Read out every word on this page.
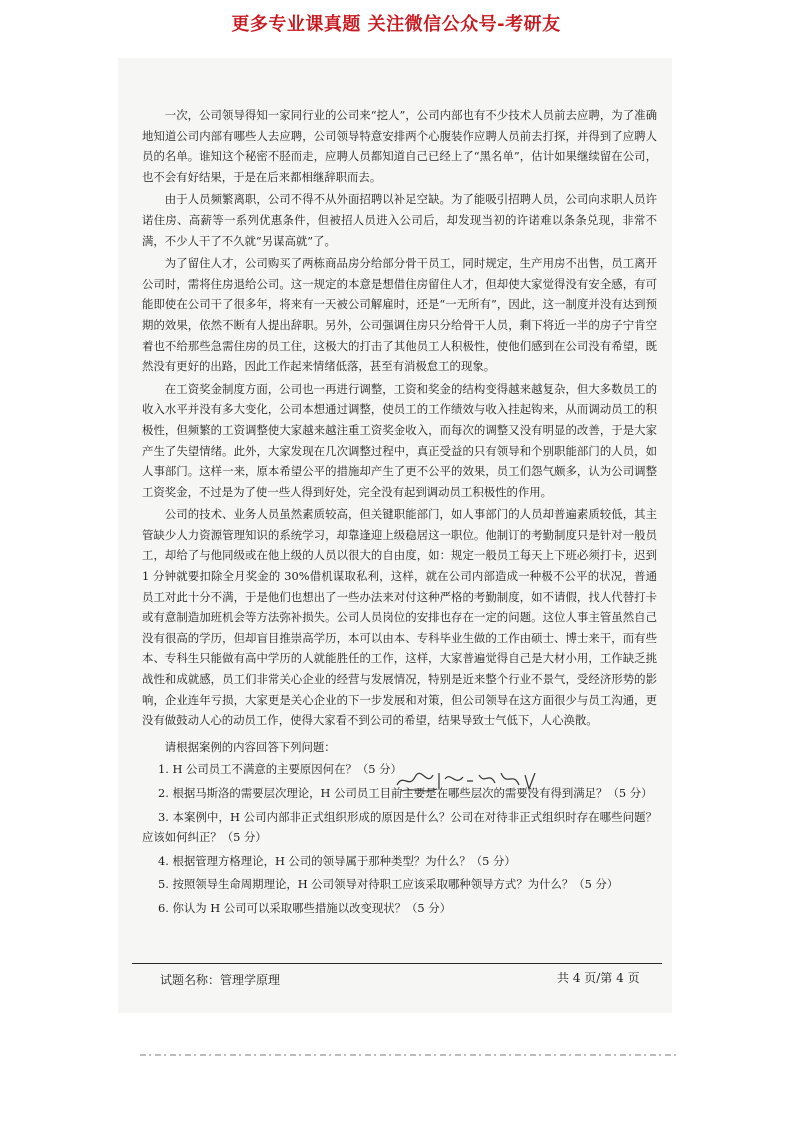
更多专业课真题 关注微信公众号-考研友

一次，公司领导得知一家同行业的公司来“挖人”，公司内部也有不少技术人员前去应聘，为了准确地知道公司内部有哪些人去应聘，公司领导特意安排两个心腹装作应聘人员前去打探，并得到了应聘人员的名单。谁知这个秘密不胫而走，应聘人员都知道自己已经上了“黑名单”，估计如果继续留在公司，也不会有好结果，于是在后来都相继辞职而去。

由于人员频繁离职，公司不得不从外面招聘以补足空缺。为了能吸引招聘人员，公司向求职人员许诺住房、高薪等一系列优惠条件，但被招人员进入公司后，却发现当初的许诺难以条条兑现，非常不满，不少人干了不久就“另谋高就”了。

为了留住人才，公司购买了两栋商品房分给部分骨干员工，同时规定，生产用房不出售，员工离开公司时，需将住房退给公司。这一规定的本意是想借住房留住人才，但却使大家觉得没有安全感，有可能即使在公司干了很多年，将来有一天被公司解雇时，还是“一无所有”，因此，这一制度并没有达到预期的效果，依然不断有人提出辞职。另外，公司强调住房只分给骨干人员，剩下将近一半的房子宁肯空着也不给那些急需住房的员工住，这极大的打击了其他员工人积极性，使他们感到在公司没有希望，既然没有更好的出路，因此工作起来情绪低落，甚至有消极怠工的现象。

在工资奖金制度方面，公司也一再进行调整，工资和奖金的结构变得越来越复杂，但大多数员工的收入水平并没有多大变化，公司本想通过调整，使员工的工作绩效与收入挂起钩来，从而调动员工的积极性，但频繁的工资调整使大家越来越注重工资奖金收入，而每次的调整又没有明显的改善，于是大家产生了失望情绪。此外，大家发现在几次调整过程中，真正受益的只有领导和个别职能部门的人员，如人事部门。这样一来，原本希望公平的措施却产生了更不公平的效果，员工们怨气颇多，认为公司调整工资奖金，不过是为了使一些人得到好处，完全没有起到调动员工积极性的作用。

公司的技术、业务人员虽然素质较高，但关键职能部门，如人事部门的人员却普遍素质较低，其主管缺少人力资源管理知识的系统学习，却靠逢迎上级稳居这一职位。他制订的考勤制度只是针对一般员工，却给了与他同级或在他上级的人员以很大的自由度，如：规定一般员工每天上下班必须打卡，迟到 1 分钟就要扣除全月奖金的 30%借机谋取私利，这样，就在公司内部造成一种极不公平的状况，普通员工对此十分不满，于是他们也想出了一些办法来对付这种严格的考勤制度，如不请假，找人代替打卡或有意制造加班机会等方法弥补损失。公司人员岗位的安排也存在一定的问题。这位人事主管虽然自己没有很高的学历，但却盲目推崇高学历，本可以由本、专科毕业生做的工作由硕士、博士来干，而有些本、专科生只能做有高中学历的人就能胜任的工作，这样，大家普遍觉得自己是大材小用，工作缺乏挑战性和成就感，员工们非常关心企业的经营与发展情况，特别是近来整个行业不景气，受经济形势的影响，企业连年亏损，大家更是关心企业的下一步发展和对策，但公司领导在这方面很少与员工沟通，更没有做鼓动人心的动员工作，使得大家看不到公司的希望，结果导致士气低下，人心涣散。

请根据案例的内容回答下列问题：

1. H 公司员工不满意的主要原因何在？（5 分）
2. 根据马斯洛的需要层次理论，H 公司员工目前主要是在哪些层次的需要没有得到满足？（5 分）
3. 本案例中，H 公司内部非正式组织形成的原因是什么？公司在对待非正式组织时存在哪些问题？应该如何纠正？（5 分）
4. 根据管理方格理论，H 公司的领导属于那种类型？为什么？（5 分）
5. 按照领导生命周期理论，H 公司领导对待职工应该采取哪种领导方式？为什么？（5 分）
6. 你认为 H 公司可以采取哪些措施以改变现状？（5 分）
试题名称：管理学原理	共 4 页/第 4 页
